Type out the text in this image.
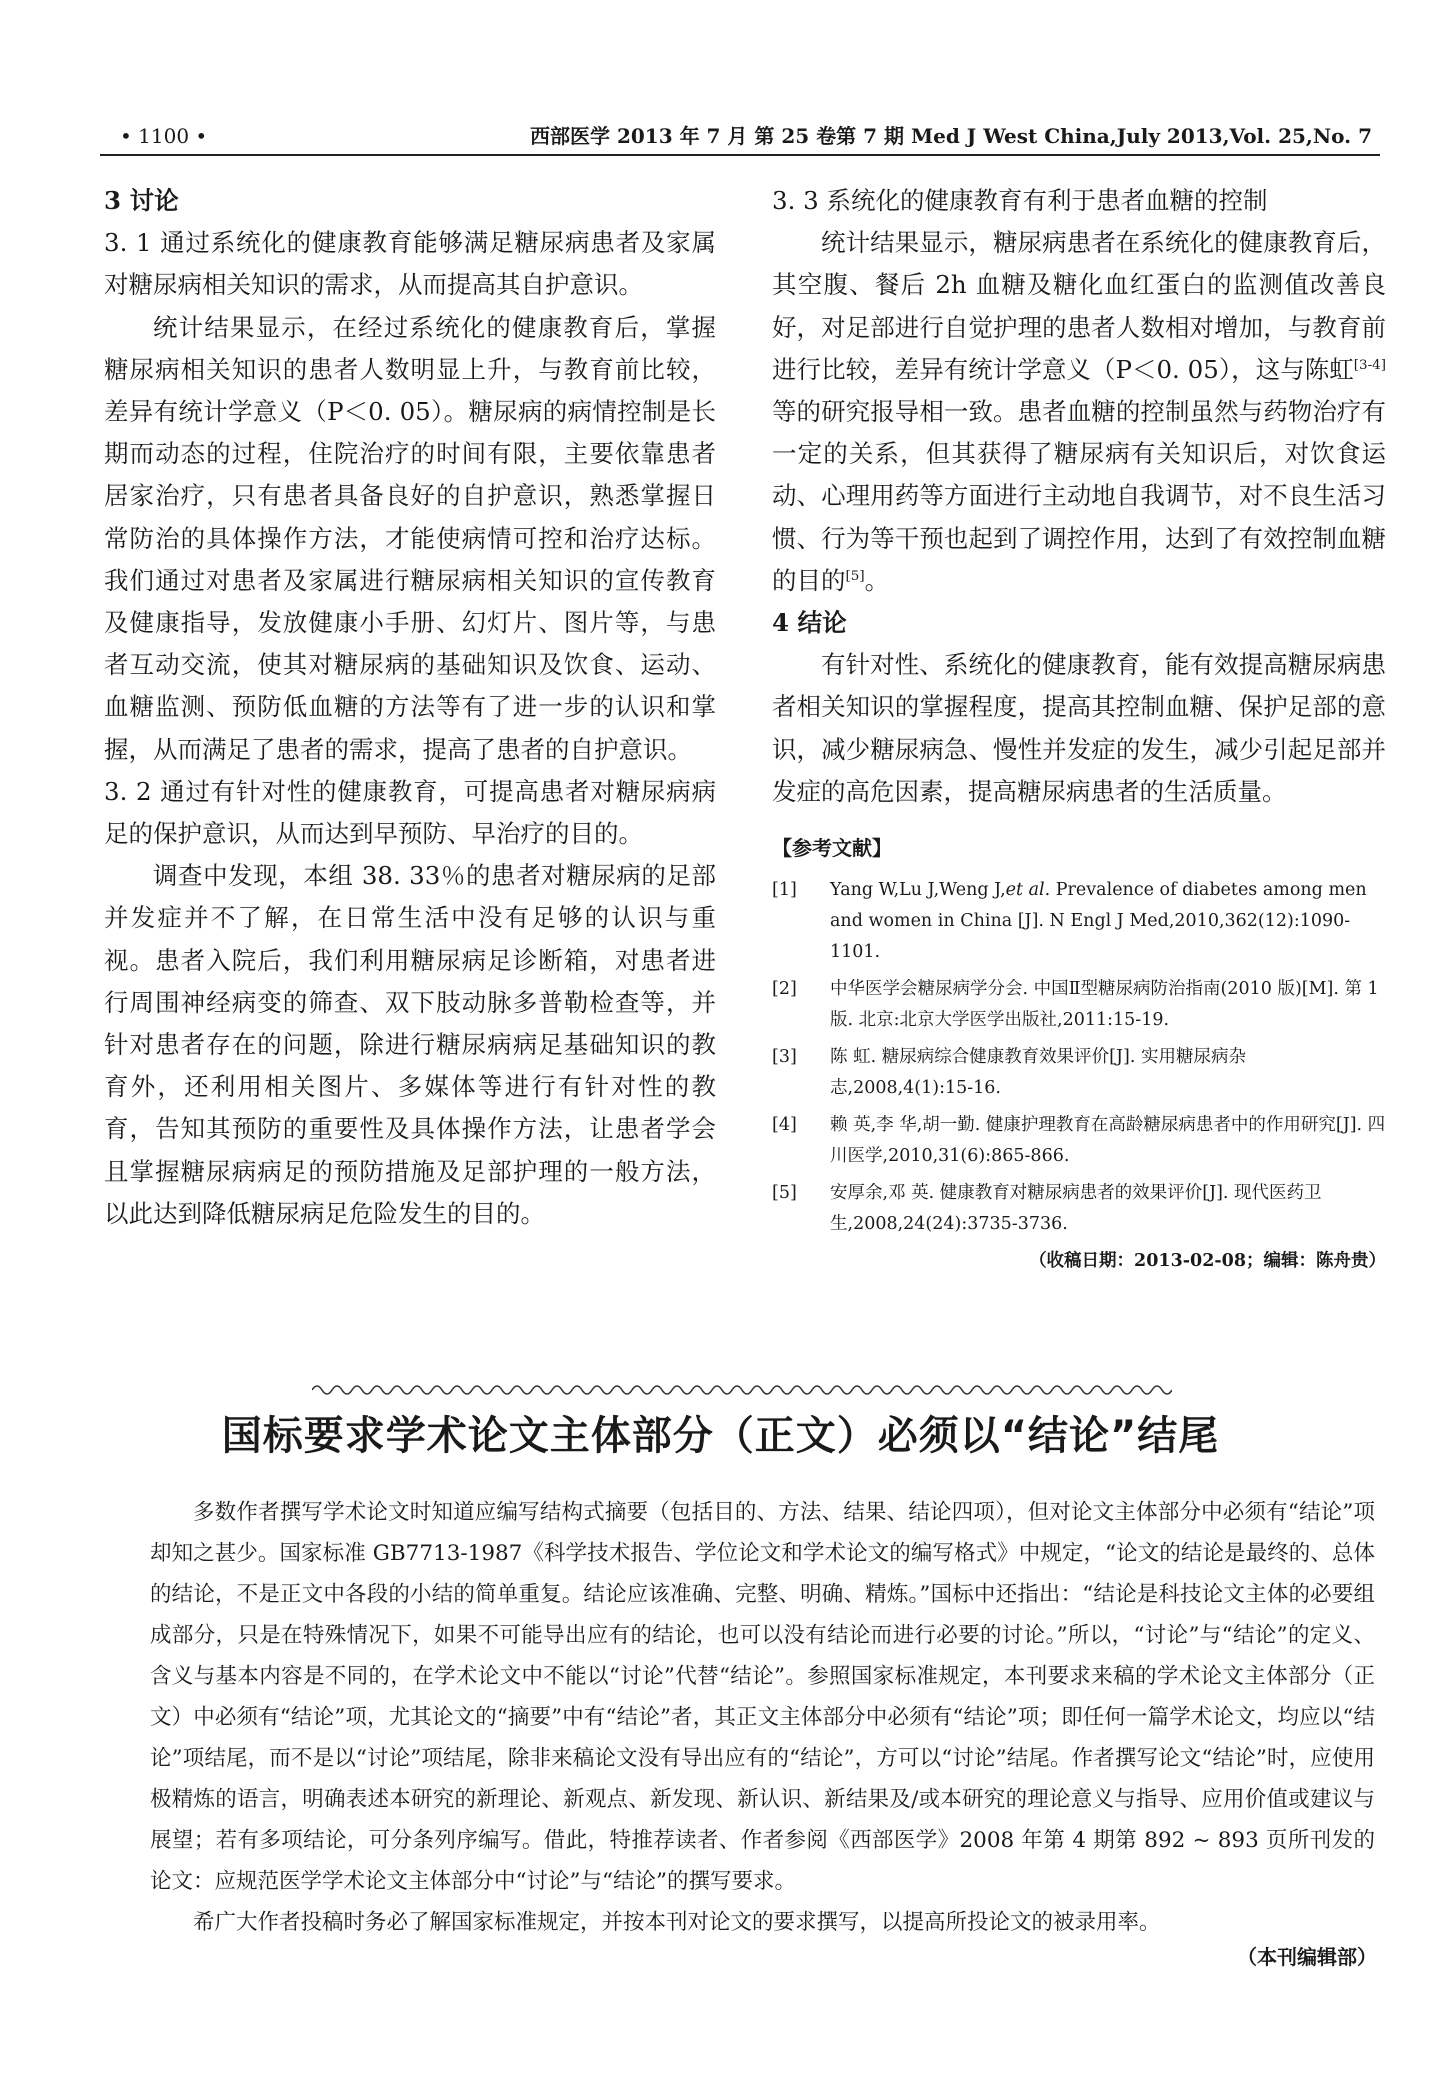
• 1100 •	西部医学 2013 年 7 月 第 25 卷第 7 期 Med J West China,July 2013,Vol. 25,No. 7

3 讨论

3. 1 通过系统化的健康教育能够满足糖尿病患者及家属对糖尿病相关知识的需求，从而提高其自护意识。

统计结果显示，在经过系统化的健康教育后，掌握糖尿病相关知识的患者人数明显上升，与教育前比较，差异有统计学意义（P＜0. 05）。糖尿病的病情控制是长期而动态的过程，住院治疗的时间有限，主要依靠患者居家治疗，只有患者具备良好的自护意识，熟悉掌握日常防治的具体操作方法，才能使病情可控和治疗达标。我们通过对患者及家属进行糖尿病相关知识的宣传教育及健康指导，发放健康小手册、幻灯片、图片等，与患者互动交流，使其对糖尿病的基础知识及饮食、运动、血糖监测、预防低血糖的方法等有了进一步的认识和掌握，从而满足了患者的需求，提高了患者的自护意识。

3. 2 通过有针对性的健康教育，可提高患者对糖尿病病足的保护意识，从而达到早预防、早治疗的目的。

调查中发现，本组 38. 33％的患者对糖尿病的足部并发症并不了解，在日常生活中没有足够的认识与重视。患者入院后，我们利用糖尿病足诊断箱，对患者进行周围神经病变的筛查、双下肢动脉多普勒检查等，并针对患者存在的问题，除进行糖尿病病足基础知识的教育外，还利用相关图片、多媒体等进行有针对性的教育，告知其预防的重要性及具体操作方法，让患者学会且掌握糖尿病病足的预防措施及足部护理的一般方法，以此达到降低糖尿病足危险发生的目的。

3. 3 系统化的健康教育有利于患者血糖的控制

统计结果显示，糖尿病患者在系统化的健康教育后，其空腹、餐后 2h 血糖及糖化血红蛋白的监测值改善良好，对足部进行自觉护理的患者人数相对增加，与教育前进行比较，差异有统计学意义（P＜0. 05），这与陈虹[3-4]等的研究报导相一致。患者血糖的控制虽然与药物治疗有一定的关系，但其获得了糖尿病有关知识后，对饮食运动、心理用药等方面进行主动地自我调节，对不良生活习惯、行为等干预也起到了调控作用，达到了有效控制血糖的目的[5]。

4 结论

有针对性、系统化的健康教育，能有效提高糖尿病患者相关知识的掌握程度，提高其控制血糖、保护足部的意识，减少糖尿病急、慢性并发症的发生，减少引起足部并发症的高危因素，提高糖尿病患者的生活质量。

【参考文献】
[1] Yang W,Lu J,Weng J,et al. Prevalence of diabetes among men and women in China [J]. N Engl J Med,2010,362(12):1090-1101.
[2] 中华医学会糖尿病学分会. 中国Ⅱ型糖尿病防治指南(2010 版)[M]. 第 1 版. 北京:北京大学医学出版社,2011:15-19.
[3] 陈 虹. 糖尿病综合健康教育效果评价[J]. 实用糖尿病杂志,2008,4(1):15-16.
[4] 赖 英,李 华,胡一勤. 健康护理教育在高龄糖尿病患者中的作用研究[J]. 四川医学,2010,31(6):865-866.
[5] 安厚余,邓 英. 健康教育对糖尿病患者的效果评价[J]. 现代医药卫生,2008,24(24):3735-3736.
（收稿日期：2013-02-08；编辑：陈舟贵）
国标要求学术论文主体部分（正文）必须以“结论”结尾

多数作者撰写学术论文时知道应编写结构式摘要（包括目的、方法、结果、结论四项），但对论文主体部分中必须有“结论”项却知之甚少。国家标准 GB7713-1987《科学技术报告、学位论文和学术论文的编写格式》中规定，“论文的结论是最终的、总体的结论，不是正文中各段的小结的简单重复。结论应该准确、完整、明确、精炼。”国标中还指出：“结论是科技论文主体的必要组成部分，只是在特殊情况下，如果不可能导出应有的结论，也可以没有结论而进行必要的讨论。”所以，“讨论”与“结论”的定义、含义与基本内容是不同的，在学术论文中不能以“讨论”代替“结论”。参照国家标准规定，本刊要求来稿的学术论文主体部分（正文）中必须有“结论”项，尤其论文的“摘要”中有“结论”者，其正文主体部分中必须有“结论”项；即任何一篇学术论文，均应以“结论”项结尾，而不是以“讨论”项结尾，除非来稿论文没有导出应有的“结论”，方可以“讨论”结尾。作者撰写论文“结论”时，应使用极精炼的语言，明确表述本研究的新理论、新观点、新发现、新认识、新结果及/或本研究的理论意义与指导、应用价值或建议与展望；若有多项结论，可分条列序编写。借此，特推荐读者、作者参阅《西部医学》2008 年第 4 期第 892 ~ 893 页所刊发的论文：应规范医学学术论文主体部分中“讨论”与“结论”的撰写要求。

希广大作者投稿时务必了解国家标准规定，并按本刊对论文的要求撰写，以提高所投论文的被录用率。

（本刊编辑部）
